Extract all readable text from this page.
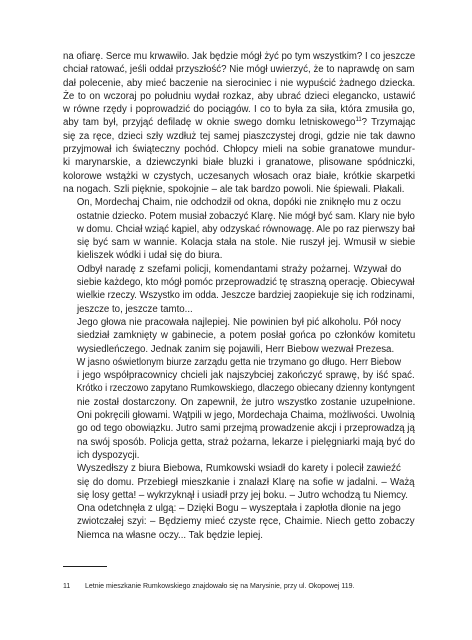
na ofiarę. Serce mu krwawiło. Jak będzie mógł żyć po tym wszystkim? I co jeszcze
chciał ratować, jeśli oddał przyszłość? Nie mógł uwierzyć, że to naprawdę on sam
dał polecenie, aby mieć baczenie na sierociniec i nie wypuścić żadnego dziecka.
Że to on wczoraj po południu wydał rozkaz, aby ubrać dzieci elegancko, ustawić
w równe rzędy i poprowadzić do pociągów. I co to była za siła, która zmusiła go,
aby tam był, przyjąć defiladę w oknie swego domku letniskowego$^{11}$? Trzymając
się za ręce, dzieci szły wzdłuż tej samej piaszczystej drogi, gdzie nie tak dawno
przyjmował ich świąteczny pochód. Chłopcy mieli na sobie granatowe mundur-
ki marynarskie, a dziewczynki białe bluzki i granatowe, plisowane spódniczki,
kolorowe wstążki w czystych, uczesanych włosach oraz białe, krótkie skarpetki
na nogach. Szli pięknie, spokojnie – ale tak bardzo powoli. Nie śpiewali. Płakali.

On, Mordechaj Chaim, nie odchodził od okna, dopóki nie zniknęło mu z oczu
ostatnie dziecko. Potem musiał zobaczyć Klarę. Nie mógł być sam. Klary nie było
w domu. Chciał wziąć kąpiel, aby odzyskać równowagę. Ale po raz pierwszy bał
się być sam w wannie. Kolacja stała na stole. Nie ruszył jej. Wmusił w siebie
kieliszek wódki i udał się do biura.

Odbył naradę z szefami policji, komendantami straży pożarnej. Wzywał do
siebie każdego, kto mógł pomóc przeprowadzić tę straszną operację. Obiecywał
wielkie rzeczy. Wszystko im odda. Jeszcze bardziej zaopiekuje się ich rodzinami,
jeszcze to, jeszcze tamto...

Jego głowa nie pracowała najlepiej. Nie powinien był pić alkoholu. Pół nocy
siedział zamknięty w gabinecie, a potem posłał gońca po członków komitetu
wysiedleńczego. Jednak zanim się pojawili, Herr Biebow wezwał Prezesa.

W jasno oświetlonym biurze zarządu getta nie trzymano go długo. Herr Biebow
i jego współpracownicy chcieli jak najszybciej zakończyć sprawę, by iść spać.
Krótko i rzeczowo zapytano Rumkowskiego, dlaczego obiecany dzienny kontyngent
nie został dostarczony. On zapewnił, że jutro wszystko zostanie uzupełnione.
Oni pokręcili głowami. Wątpili w jego, Mordechaja Chaima, możliwości. Uwolnią
go od tego obowiązku. Jutro sami przejmą prowadzenie akcji i przeprowadzą ją
na swój sposób. Policja getta, straż pożarna, lekarze i pielęgniarki mają być do
ich dyspozycji.

Wyszedłszy z biura Biebowa, Rumkowski wsiadł do karety i polecił zawieźć
się do domu. Przebiegł mieszkanie i znalazł Klarę na sofie w jadalni. – Ważą
się losy getta! – wykrzyknął i usiadł przy jej boku. – Jutro wchodzą tu Niemcy.

Ona odetchnęła z ulgą: – Dzięki Bogu – wyszeptała i zapłotła dłonie na jego
zwiotczałej szyi: – Będziemy mieć czyste ręce, Chaimie. Niech getto zobaczy
Niemca na własne oczy... Tak będzie lepiej.

11 Letnie mieszkanie Rumkowskiego znajdowało się na Marysinie, przy ul. Okopowej 119.
